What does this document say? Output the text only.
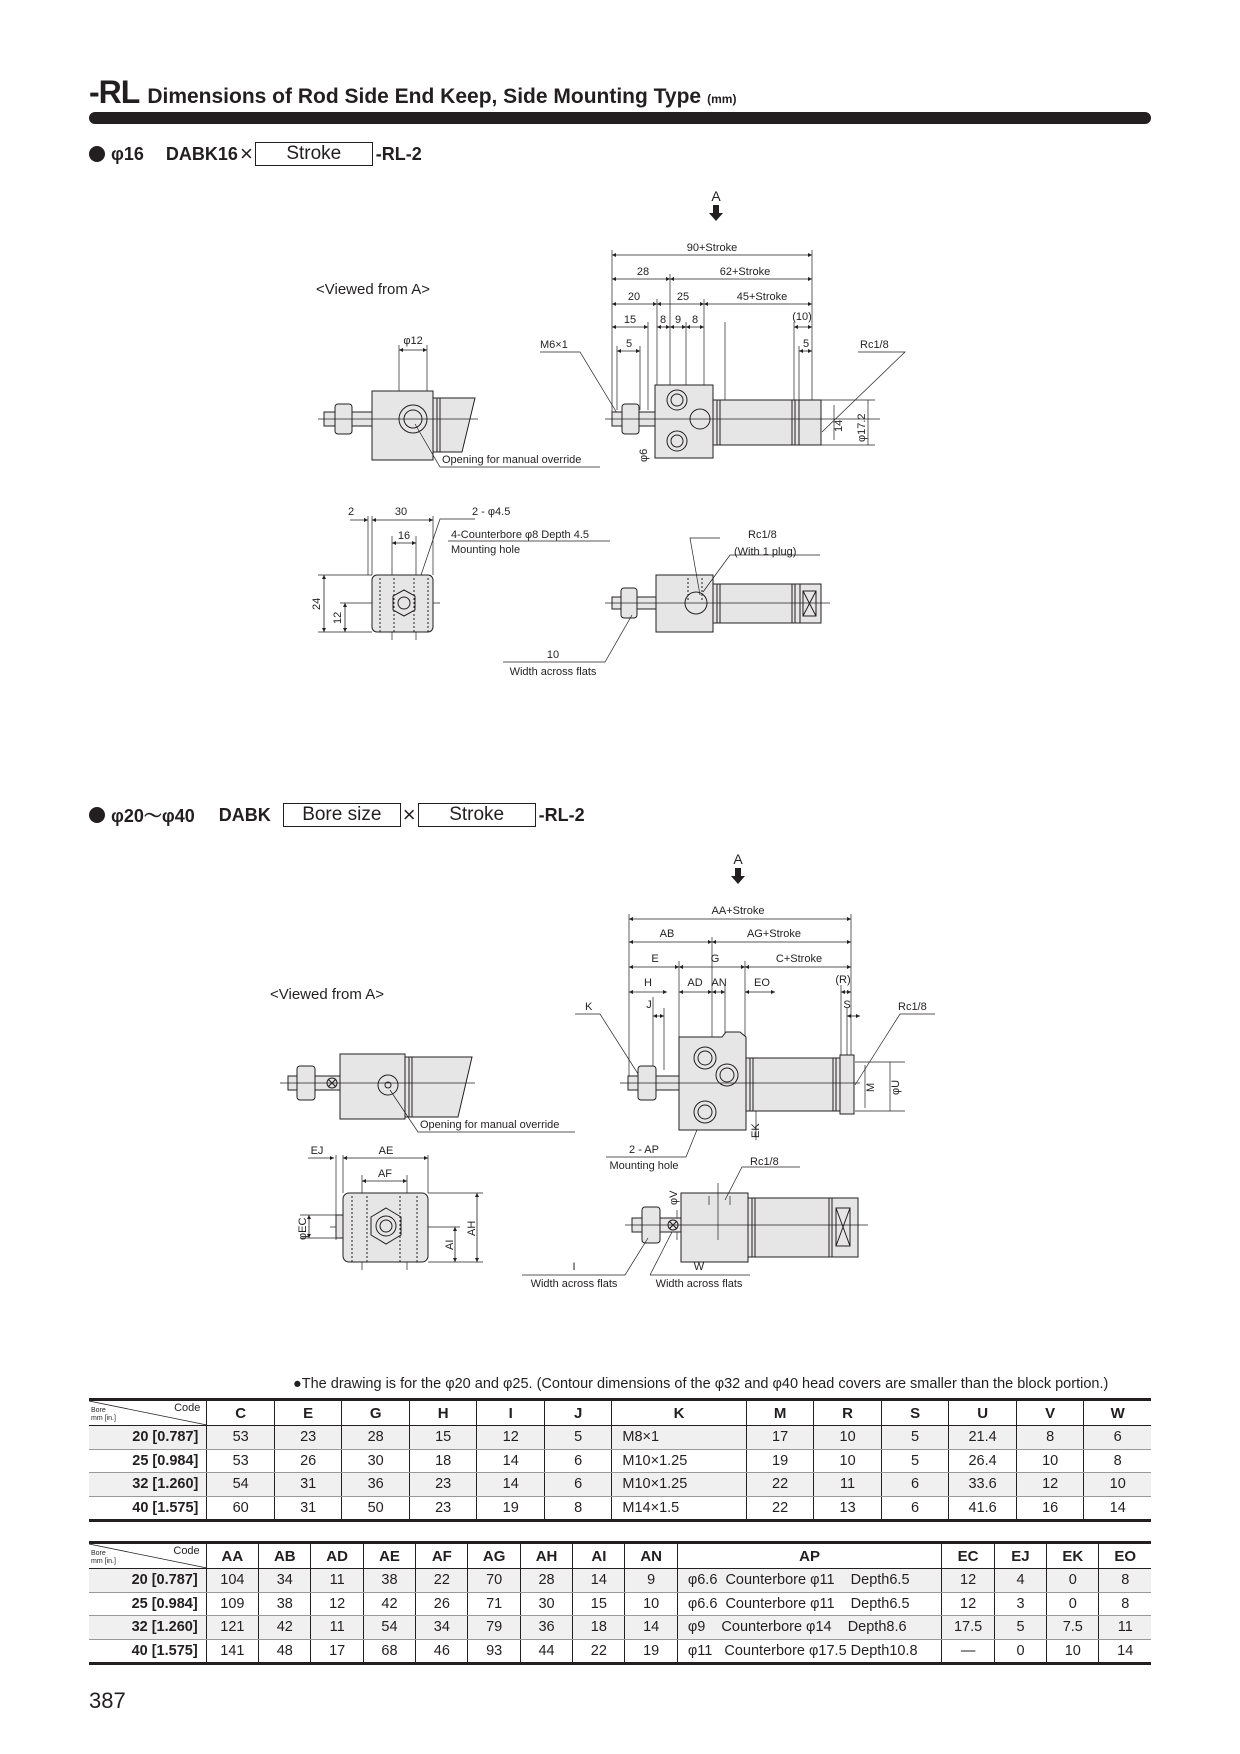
-RL Dimensions of Rod Side End Keep, Side Mounting Type (mm)
φ16 DABK16 ×	Stroke	-RL-2
φ20～φ40 DABK	Bore size ×	Stroke	-RL-2
A
90+Stroke
28	62+Stroke
20	25	45+Stroke
15 8 9 8	(10)
5	5
M6×1	Rc1/8
14 φ17.2
φ6
<Viewed from A>
φ12
Opening for manual override
2	30
16
2 - φ4.5
4-Counterbore φ8 Depth 4.5
Mounting hole
24
12
Rc1/8
(With 1 plug)
10
Width across flats
A
AA+Stroke
AB	AG+Stroke
E	G	C+Stroke
H	AD AN EO	(R)
J	S
K	Rc1/8
M φU
EK
2 - AP
Mounting hole
<Viewed from A>
Opening for manual override
EJ	AE
AF
φEC
AI
AH
Rc1/8
φV
I
Width across flats
W
Width across flats
●The drawing is for the φ20 and φ25. (Contour dimensions of the φ32 and φ40 head covers are smaller than the block portion.)
Code
Bore
mm [in.]	C	E	G	H	I	J	K	M	R	S	U	V	W
20 [0.787]	53	23	28	15	12	5	M8×1	17	10	5	21.4	8	6
25 [0.984]	53	26	30	18	14	6	M10×1.25	19	10	5	26.4	10	8
32 [1.260]	54	31	36	23	14	6	M10×1.25	22	11	6	33.6	12	10
40 [1.575]	60	31	50	23	19	8	M14×1.5	22	13	6	41.6	16	14
Code
Bore
mm [in.]	AA	AB	AD	AE	AF	AG	AH	AI	AN	AP	EC	EJ	EK	EO
20 [0.787]	104	34	11	38	22	70	28	14	9	φ6.6  Counterbore φ11    Depth6.5	12	4	0	8
25 [0.984]	109	38	12	42	26	71	30	15	10	φ6.6  Counterbore φ11    Depth6.5	12	3	0	8
32 [1.260]	121	42	11	54	34	79	36	18	14	φ9    Counterbore φ14    Depth8.6	17.5	5	7.5	11
40 [1.575]	141	48	17	68	46	93	44	22	19	φ11   Counterbore φ17.5 Depth10.8	—	0	10	14
387
